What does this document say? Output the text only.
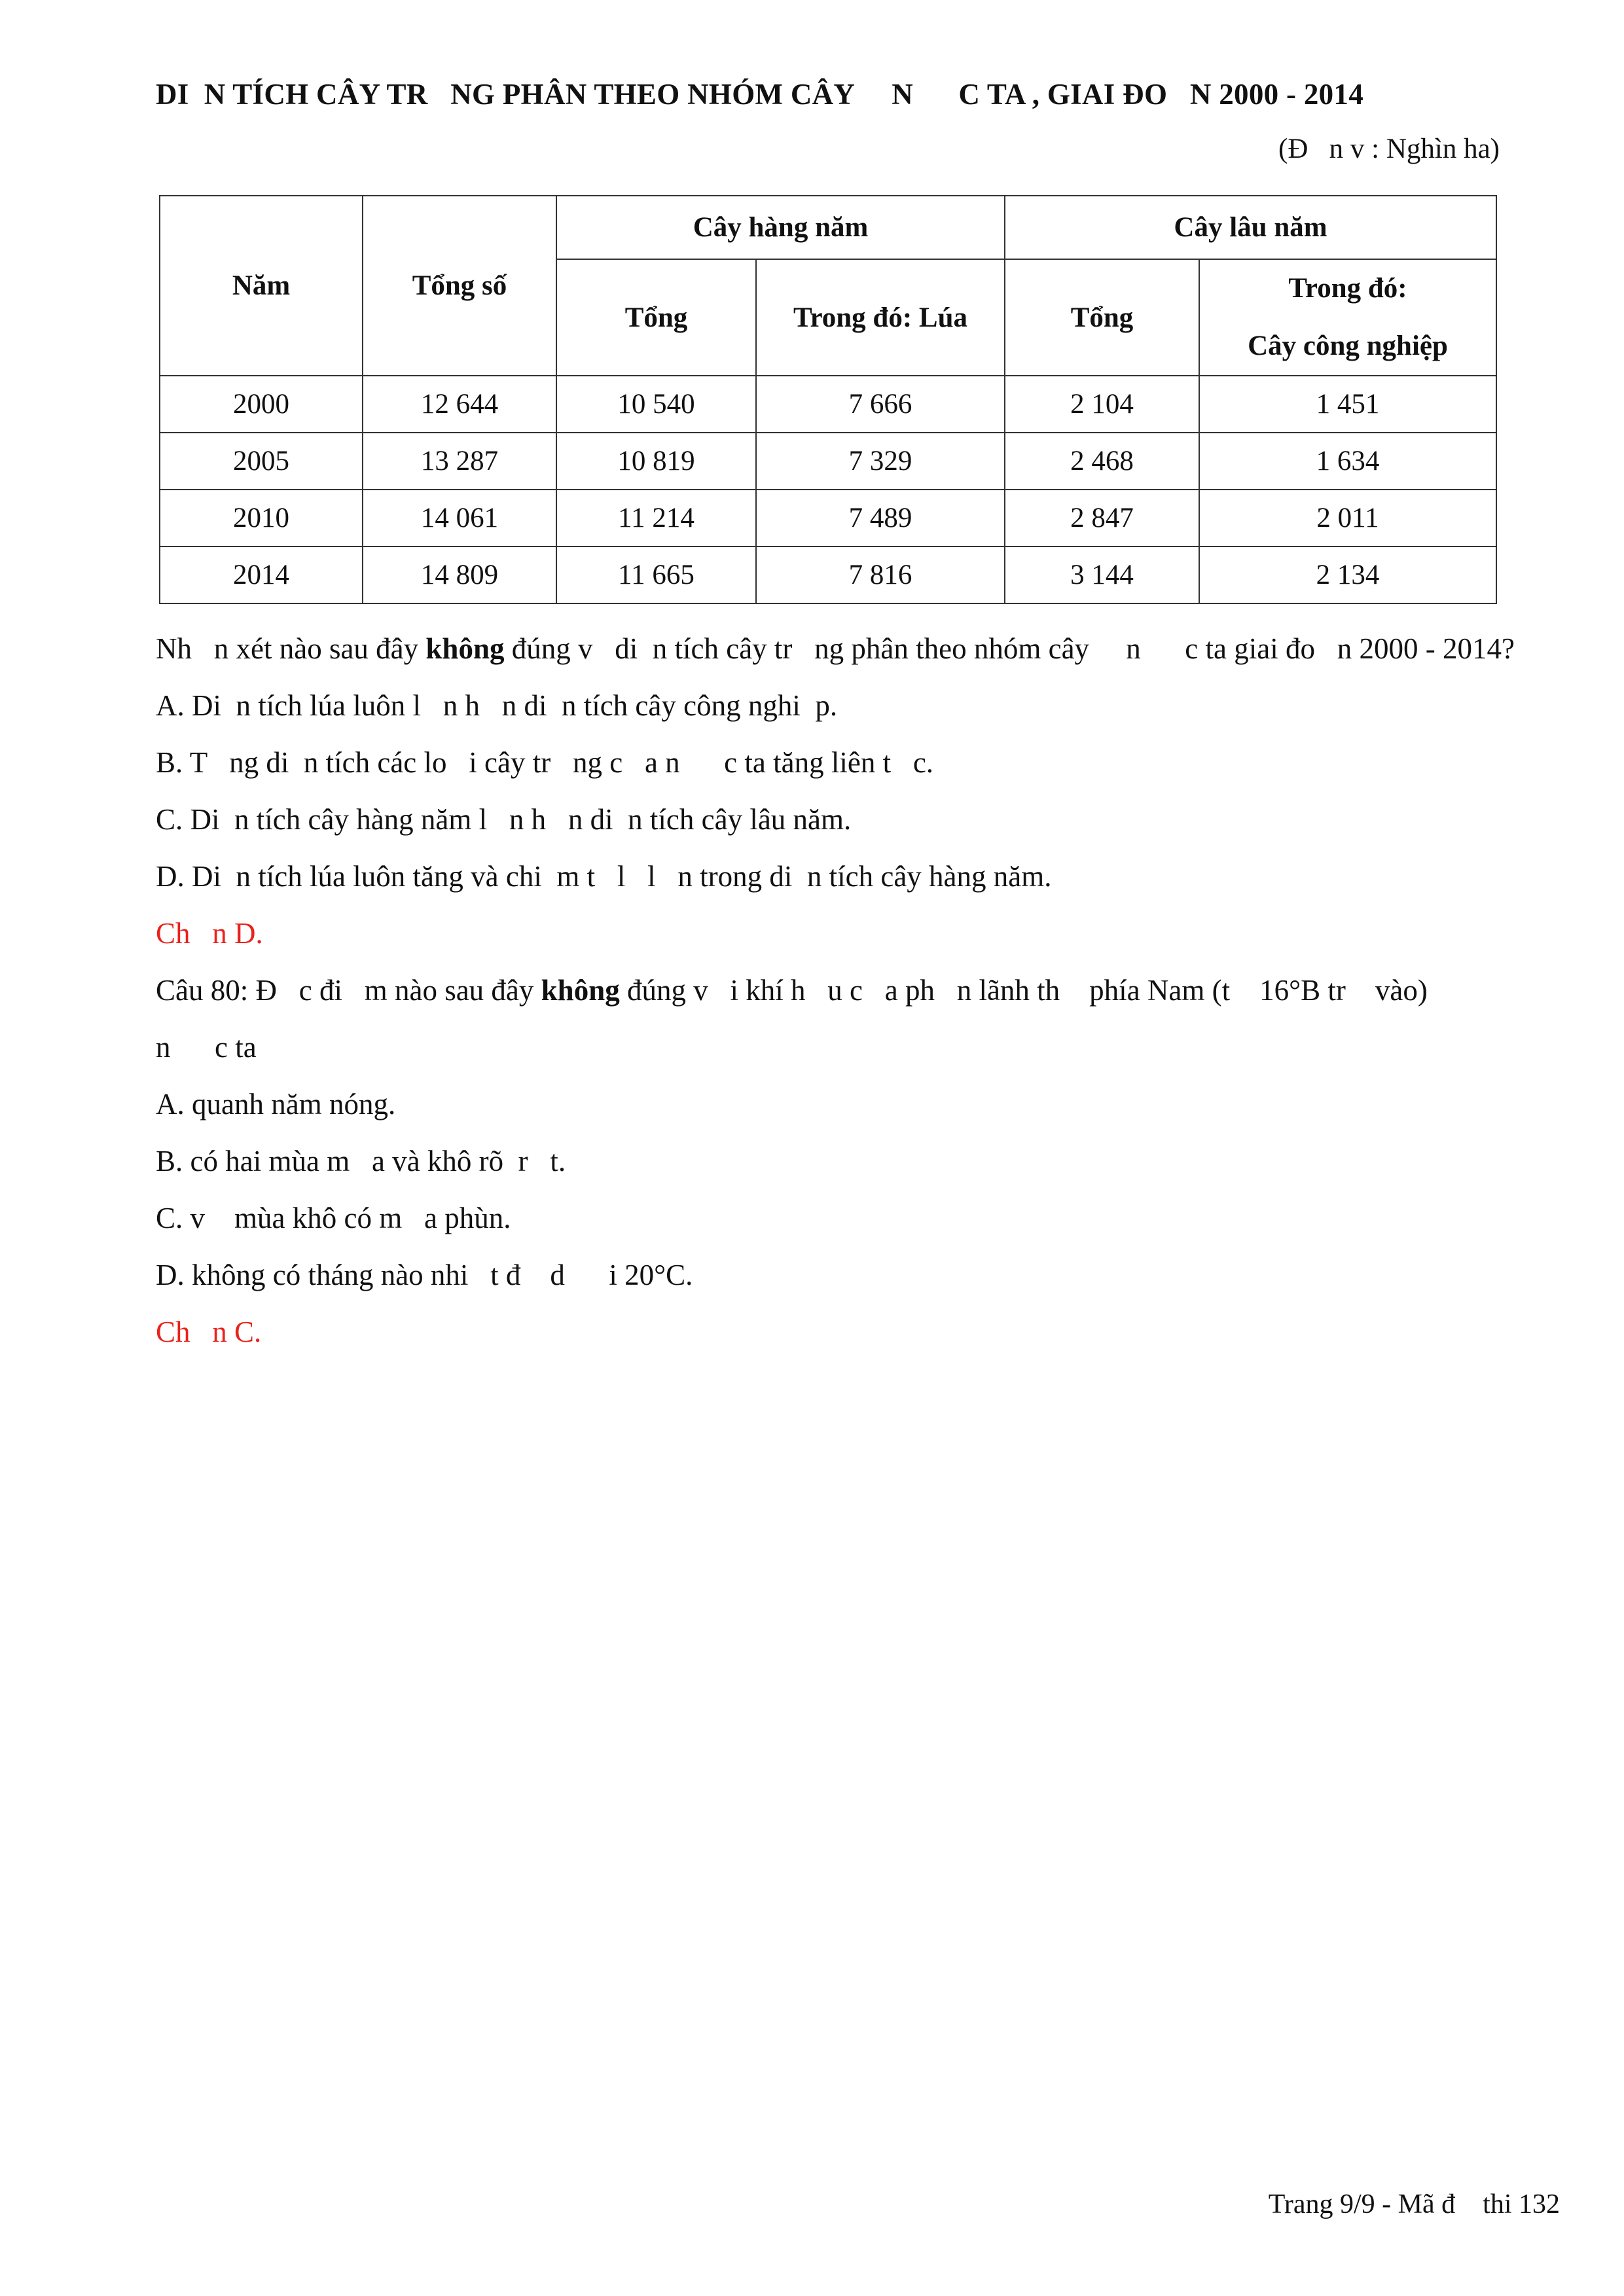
DI  N TÍCH CÂY TR   NG PHÂN THEO NHÓM CÂY     N      C TA , GIAI ĐO   N 2000 - 2014
(Đ   n v : Nghìn ha)
Năm	Tổng số	Cây hàng năm		Cây lâu năm	
		Tổng	Trong đó: Lúa	Tổng	Trong đó:
Cây công nghiệp

2000	12 644	10 540	7 666	2 104	1 451
2005	13 287	10 819	7 329	2 468	1 634
2010	14 061	11 214	7 489	2 847	2 011
2014	14 809	11 665	7 816	3 144	2 134
Nh   n xét nào sau đây không đúng v   di  n tích cây tr   ng phân theo nhóm cây     n      c ta giai đo   n 2000 - 2014?
A. Di  n tích lúa luôn l   n h   n di  n tích cây công nghi  p.
B. T   ng di  n tích các lo   i cây tr   ng c   a n      c ta tăng liên t   c.
C. Di  n tích cây hàng năm l   n h   n di  n tích cây lâu năm.
D. Di  n tích lúa luôn tăng và chi  m t   l   l   n trong di  n tích cây hàng năm.
Ch   n D.
Câu 80: Đ   c đi   m nào sau đây không đúng v   i khí h   u c   a ph   n lãnh th    phía Nam (t    16°B tr    vào)
n      c ta
A. quanh năm nóng.
B. có hai mùa m   a và khô rõ  r   t.
C. v    mùa khô có m   a phùn.
D. không có tháng nào nhi   t đ    d      i 20°C.
Ch   n C.
Trang 9/9 - Mã đ    thi 132
